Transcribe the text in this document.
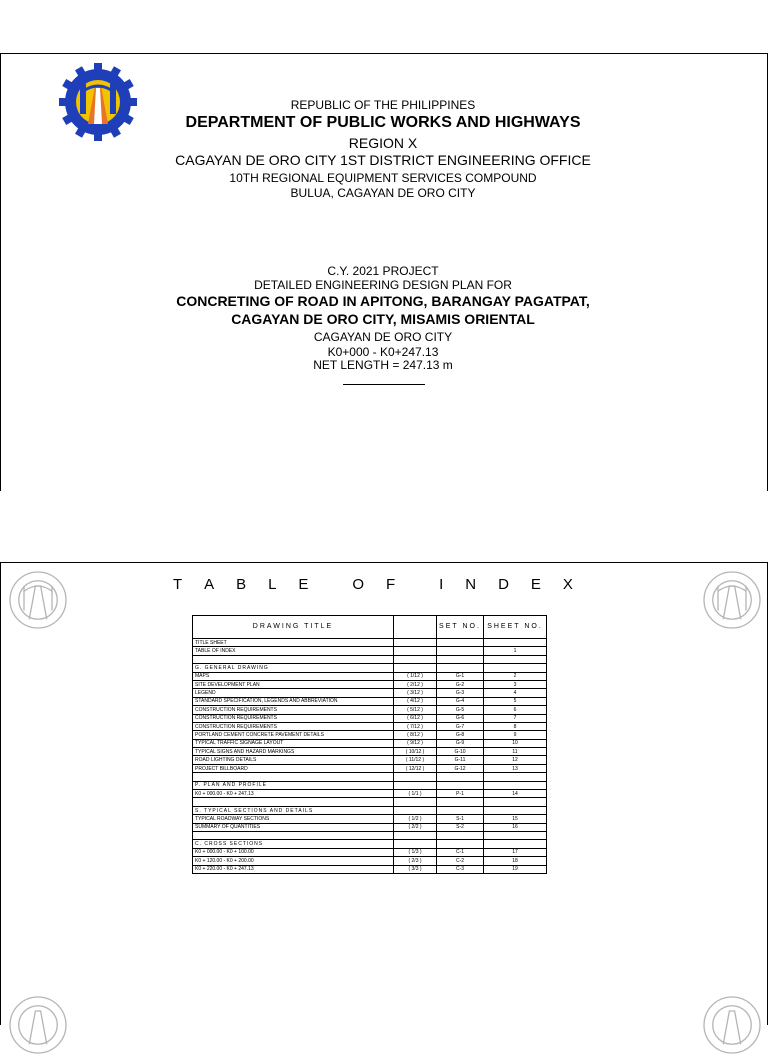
REPUBLIC OF THE PHILIPPINES
DEPARTMENT OF PUBLIC WORKS AND HIGHWAYS
REGION X
CAGAYAN DE ORO CITY 1ST DISTRICT ENGINEERING OFFICE
10TH REGIONAL EQUIPMENT SERVICES COMPOUND
BULUA, CAGAYAN DE ORO CITY
C.Y. 2021 PROJECT
DETAILED ENGINEERING DESIGN PLAN FOR
CONCRETING OF ROAD IN APITONG, BARANGAY PAGATPAT,
CAGAYAN DE ORO CITY, MISAMIS ORIENTAL
CAGAYAN DE ORO CITY
K0+000 - K0+247.13
NET LENGTH = 247.13 m
T A B L E	O F	I N D E X
DRAWING TITLE		SET NO.	SHEET NO.
TITLE SHEET			
TABLE OF INDEX			1

G. GENERAL DRAWING			
MAPS	( 1/12 )	G-1	2
SITE DEVELOPMENT PLAN	( 2/12 )	G-2	3
LEGEND	( 3/12 )	G-3	4
STANDARD SPECIFICATION, LEGENDS AND ABBREVIATION	( 4/12 )	G-4	5
CONSTRUCTION REQUIREMENTS	( 5/12 )	G-5	6
CONSTRUCTION REQUIREMENTS	( 6/12 )	G-6	7
CONSTRUCTION REQUIREMENTS	( 7/12 )	G-7	8
PORTLAND CEMENT CONCRETE PAVEMENT DETAILS	( 8/12 )	G-8	9
TYPICAL TRAFFIC SIGNAGE LAYOUT	( 9/12 )	G-9	10
TYPICAL SIGNS AND HAZARD MARKINGS	( 10/12 )	G-10	11
ROAD LIGHTING DETAILS	( 11/12 )	G-11	12
PROJECT BILLBOARD	( 12/12 )	G-12	13

P. PLAN AND PROFILE			
K0 + 000.00 - K0 + 247.13	( 1/1 )	P-1	14

S. TYPICAL SECTIONS AND DETAILS			
TYPICAL ROADWAY SECTIONS	( 1/2 )	S-1	15
SUMMARY OF QUANTITIES	( 2/2 )	S-2	16

C. CROSS SECTIONS			
K0 + 000.00 - K0 + 100.00	( 1/3 )	C-1	17
K0 + 120.00 - K0 + 200.00	( 2/3 )	C-2	18
K0 + 220.00 - K0 + 247.13	( 3/3 )	C-3	19
